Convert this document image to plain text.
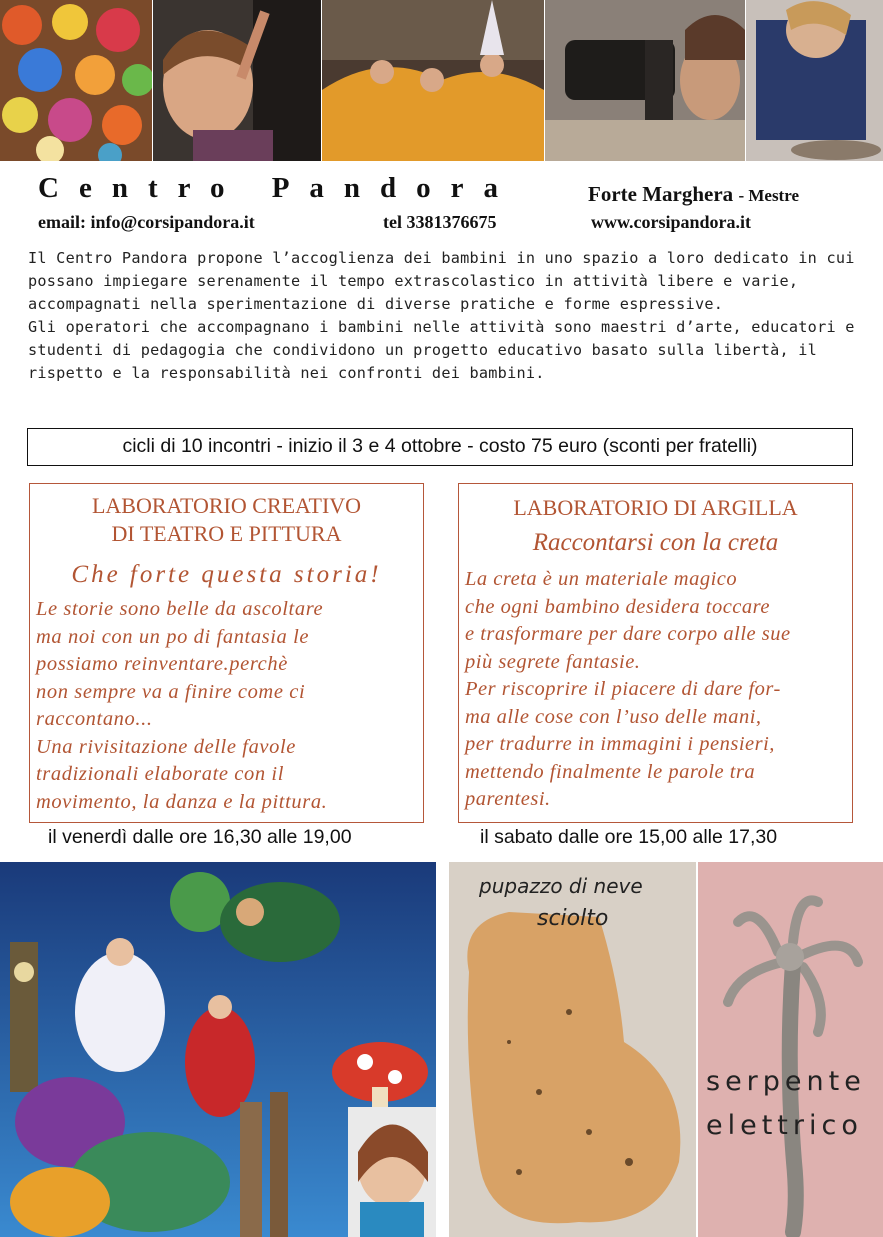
Centro Pandora	Forte Marghera - Mestre
email: info@corsipandora.it	tel 3381376675	www.corsipandora.it

Il Centro Pandora propone l’accoglienza dei bambini in uno spazio a loro dedicato in cui possano impiegare serenamente il tempo extrascolastico in attività libere e varie, accompagnati nella sperimentazione di diverse pratiche e forme espressive.

Gli operatori che accompagnano i bambini nelle attività sono maestri d’arte, educatori e studenti di pedagogia che condividono un progetto educativo basato sulla libertà, il rispetto e la responsabilità nei confronti dei bambini.

cicli di 10 incontri - inizio il 3 e 4 ottobre - costo 75 euro (sconti per fratelli)
LABORATORIO CREATIVO
DI TEATRO E PITTURA
Che forte questa storia!

Le storie sono belle da ascoltare

ma noi con un po di fantasia le

possiamo reinventare.perchè

non sempre va a finire come ci

raccontano...

Una rivisitazione delle favole

tradizionali elaborate con il

movimento, la danza e la pittura.

il venerdì dalle ore 16,30 alle 19,00
LABORATORIO DI ARGILLA
Raccontarsi con la creta

La creta è un materiale magico

che ogni bambino desidera toccare

e trasformare per dare corpo alle sue

più segrete fantasie.

Per riscoprire il piacere di dare for-

ma alle cose con l’uso delle mani,

per tradurre in immagini i pensieri,

mettendo finalmente le parole tra

parentesi.

il sabato dalle ore 15,00 alle 17,30
pupazzo di neve
sciolto
serpente
elettrico
